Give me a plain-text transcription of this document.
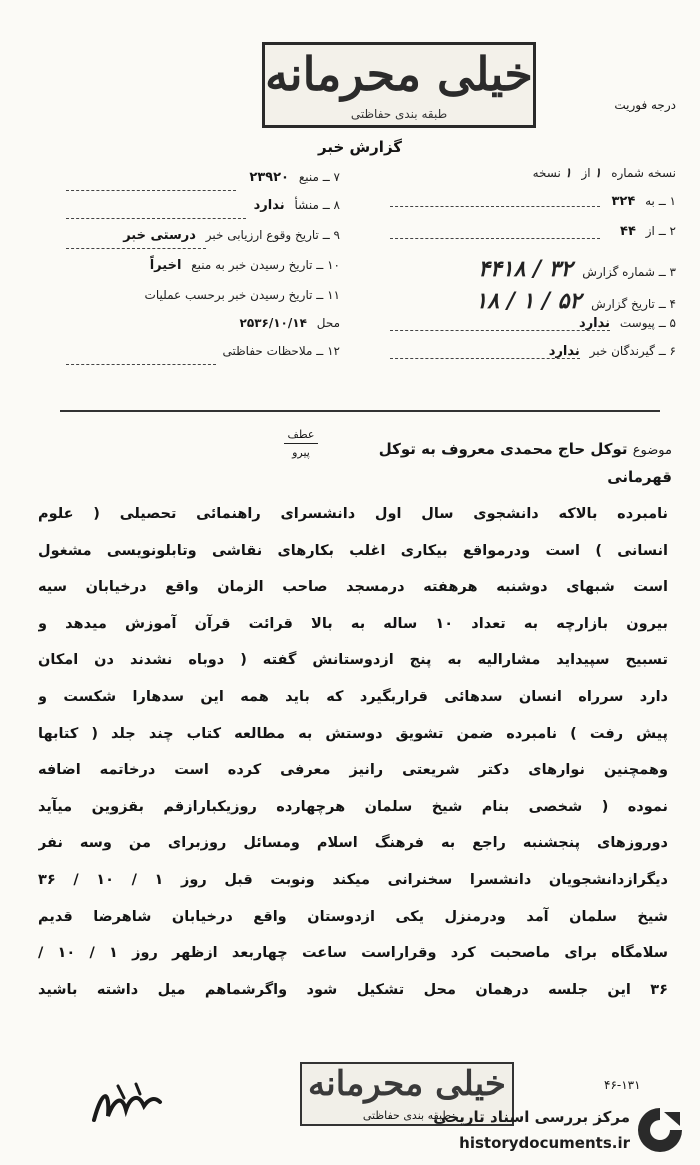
خیلی محرمانه
طبقه بندی حفاظتی
درجه فوریت
گزارش خبر
نسخه شماره ۱ از ۱ نسخه
۱ ــ به ۳۲۴
۲ ــ از ۴۴
۳ ــ شماره گزارش ۳۲ / ۴۴۱۸
۴ ــ تاریخ گزارش ۵۲ / ۱ / ۱۸
۵ ــ پیوست ندارد
۶ ــ گیرندگان خبر ندارد
۷ ــ منبع ۲۳۹۲۰
۸ ــ منشأ ندارد
۹ ــ تاریخ وقوع ارزیابی خبر درستی خبر
۱۰ ــ تاریخ رسیدن خبر به منبع اخیراً
۱۱ ــ تاریخ رسیدن خبر برحسب عملیات
محل ۲۵۳۶/۱۰/۱۴
۱۲ ــ ملاحظات حفاظتی
عطف
پیرو	موضوع توکل حاج محمدی معروف به توکل
قهرمانی
نامبرده بالاکه دانشجوی سال اول دانشسرای راهنمائی تحصیلی ( علوم
انسانی ) است ودرمواقع بیکاری اغلب بکارهای نقاشی وتابلونویسی مشغول
است شبهای دوشنبه هرهفته درمسجد صاحب الزمان واقع درخیابان سیه
بیرون بازارچه به تعداد ۱۰ ساله به بالا قرائت قرآن آموزش میدهد و
تسبیح سپیداید مشارالیه به پنج ازدوستانش گفته ( دوباه نشدند دن امکان
دارد سرراه انسان سدهائی قراربگیرد که باید همه این سدهارا شکست و
پیش رفت ) نامبرده ضمن تشویق دوستش به مطالعه کتاب چند جلد ( کتابها
وهمچنین نوارهای دکتر شریعتی رانیز معرفی کرده است درخاتمه اضافه
نموده ( شخصی بنام شیخ سلمان هرچهارده روزیکبارازقم بقزوین میآید
دوروزهای پنجشنبه راجع به فرهنگ اسلام ومسائل روزبرای من وسه نفر
دیگرازدانشجویان دانشسرا سخنرانی میکند ونوبت قبل روز ۱ / ۱۰ / ۳۶
شیخ سلمان آمد ودرمنزل یکی ازدوستان واقع درخیابان شاهرضا قدیم
سلامگاه برای ماصحبت کرد وقراراست ساعت چهاربعد ازظهر روز ۱ / ۱۰ /
۳۶ این جلسه درهمان محل تشکیل شود واگرشماهم میل داشته باشید
خیلی محرمانه
طبقه بندی حفاظتی
۴۶-۱۳۱
مرکز بررسی اسناد تاریخی
historydocuments.ir
